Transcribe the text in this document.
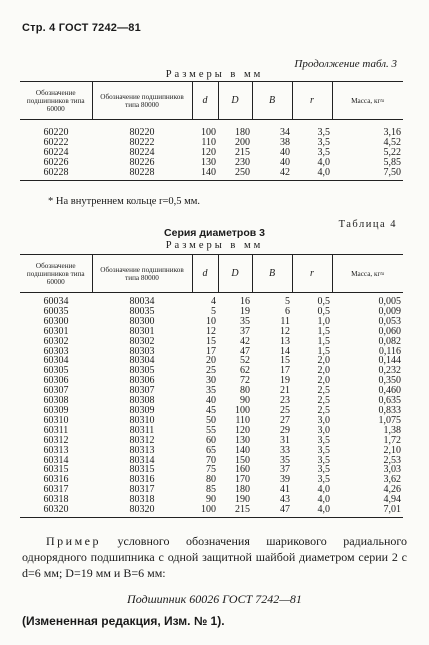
Стр. 4 ГОСТ 7242—81
Продолжение табл. 3
Размеры в мм
Обозначение подшипников типа 60000	Обозначение подшипников типа 80000	d	D	B	r	Масса, кг≈
60220	80220	100	180	34	3,5	3,16
60222	80222	110	200	38	3,5	4,52
60224	80224	120	215	40	3,5	5,22
60226	80226	130	230	40	4,0	5,85
60228	80228	140	250	42	4,0	7,50
* На внутреннем кольце r=0,5 мм.
Таблица 4
Серия диаметров 3
Размеры в мм
Обозначение подшипников типа 60000	Обозначение подшипников типа 80000	d	D	B	r	Масса, кг≈
60034	80034	4	16	5	0,5	0,005
60035	80035	5	19	6	0,5	0,009
60300	80300	10	35	11	1,0	0,053
60301	80301	12	37	12	1,5	0,060
60302	80302	15	42	13	1,5	0,082
60303	80303	17	47	14	1,5	0,116
60304	80304	20	52	15	2,0	0,144
60305	80305	25	62	17	2,0	0,232
60306	80306	30	72	19	2,0	0,350
60307	80307	35	80	21	2,5	0,460
60308	80308	40	90	23	2,5	0,635
60309	80309	45	100	25	2,5	0,833
60310	80310	50	110	27	3,0	1,075
60311	80311	55	120	29	3,0	1,38
60312	80312	60	130	31	3,5	1,72
60313	80313	65	140	33	3,5	2,10
60314	80314	70	150	35	3,5	2,53
60315	80315	75	160	37	3,5	3,03
60316	80316	80	170	39	3,5	3,62
60317	80317	85	180	41	4,0	4,26
60318	80318	90	190	43	4,0	4,94
60320	80320	100	215	47	4,0	7,01

Пример условного обозначения шарикового радиального однорядного подшипника с одной защитной шайбой диаметром серии 2 с d=6 мм; D=19 мм и B=6 мм:

Подшипник 60026 ГОСТ 7242—81
(Измененная редакция, Изм. № 1).
